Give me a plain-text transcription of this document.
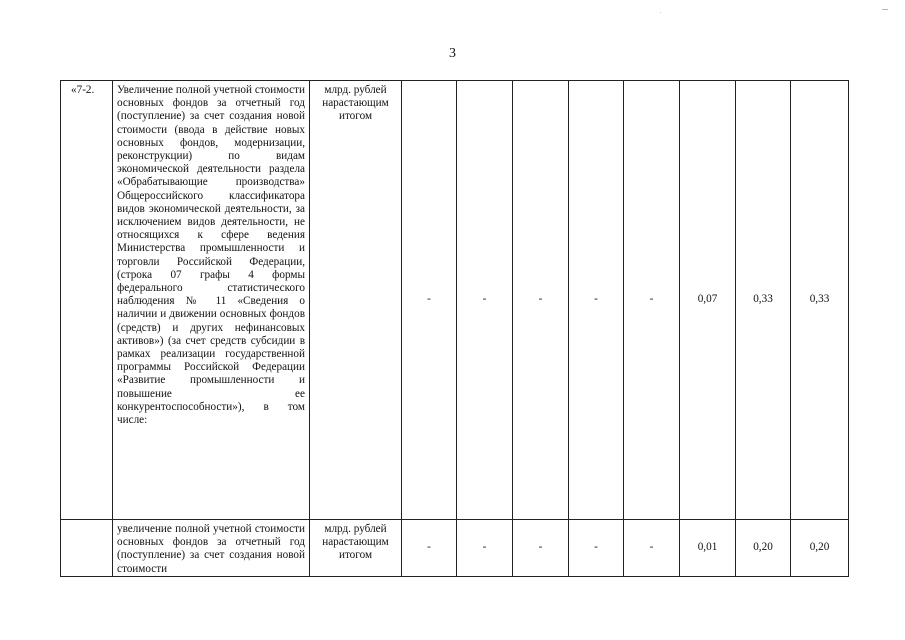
3
«7-2.	Увеличение полной учетной стоимости основных фондов за отчетный год (поступление) за счет создания новой стоимости (ввода в действие новых основных фондов, модернизации, реконструкции) по видам экономической деятельности раздела «Обрабатывающие производства» Общероссийского классификатора видов экономической деятельности, за исключением видов деятельности, не относящихся к сфере ведения Министерства промышленности и торговли Российской Федерации, (строка 07 графы 4 формы федерального статистического наблюдения № 11 «Сведения о наличии и движении основных фондов (средств) и других нефинансовых активов») (за счет средств субсидии в рамках реализации государственной программы Российской Федерации «Развитие промышленности и повышение ее конкурентоспособности»), в том числе:	млрд. рублей нарастающим итогом	-	-	-	-	-	0,07	0,33	0,33

	увеличение полной учетной стоимости основных фондов за отчетный год (поступление) за счет создания новой стоимости	млрд. рублей нарастающим итогом	-	-	-	-	-	0,01	0,20	0,20
